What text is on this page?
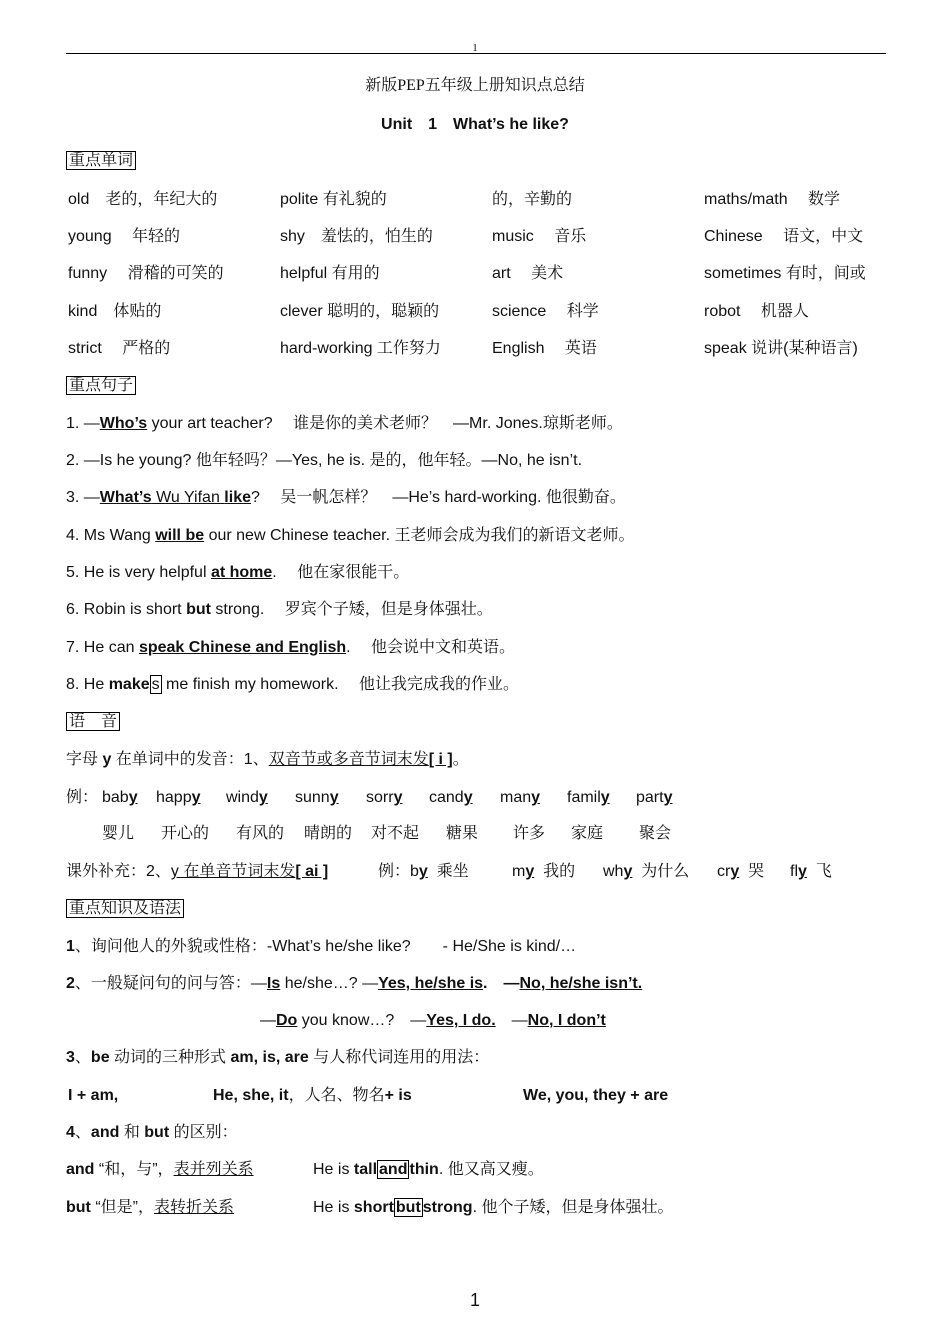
1
新版PEP五年级上册知识点总结
Unit　1　What’s he like?
重点单词
old　老的，年纪大的	polite 有礼貌的	的，辛勤的	maths/math　 数学
young　 年轻的	shy　羞怯的，怕生的	music　 音乐	Chinese　 语文，中文
funny　 滑稽的可笑的	helpful 有用的	art　 美术	sometimes 有时，间或
kind　体贴的	clever 聪明的，聪颖的	science　 科学	robot　 机器人
strict　 严格的	hard-working 工作努力	English　 英语	speak 说讲(某种语言)
重点句子
1. —Who’s your art teacher?　 谁是你的美术老师？　—Mr. Jones.琼斯老师。
2. —Is he young? 他年轻吗？—Yes, he is. 是的，他年轻。—No, he isn’t.
3. —What’s Wu Yifan like?　 吴一帆怎样？　—He’s hard-working. 他很勤奋。
4. Ms Wang will be our new Chinese teacher. 王老师会成为我们的新语文老师。
5. He is very helpful at home.　 他在家很能干。
6. Robin is short but strong.　 罗宾个子矮，但是身体强壮。
7. He can speak Chinese and English.　 他会说中文和英语。
8. He make s me finish my homework.　 他让我完成我的作业。
语　音
字母 y 在单词中的发音：1、双音节或多音节词末发[ i ]。
例： baby happy windy sunny sorry candy many family party
婴儿 开心的 有风的 晴朗的 对不起 糖果 许多 家庭 聚会
课外补充：2、y 在单音节词末发[ ai ]	例： by 乘坐	my 我的 why 为什么 cry 哭 fly 飞
重点知识及语法
1、询问他人的外貌或性格：-What’s he/she like?　　- He/She is kind/…
2、一般疑问句的问与答：—Is he/she…? —Yes, he/she is.　—No, he/she isn’t.
—Do you know…?　—Yes, I do.　—No, I don’t
3、be 动词的三种形式 am, is, are 与人称代词连用的用法：
I + am,	He, she, it，人名、物名+ is	We, you, they + are
4、and 和 but 的区别：
and “和，与”，表并列关系	He is tall and thin. 他又高又瘦。
but “但是”，表转折关系	He is short but strong. 他个子矮，但是身体强壮。
1
